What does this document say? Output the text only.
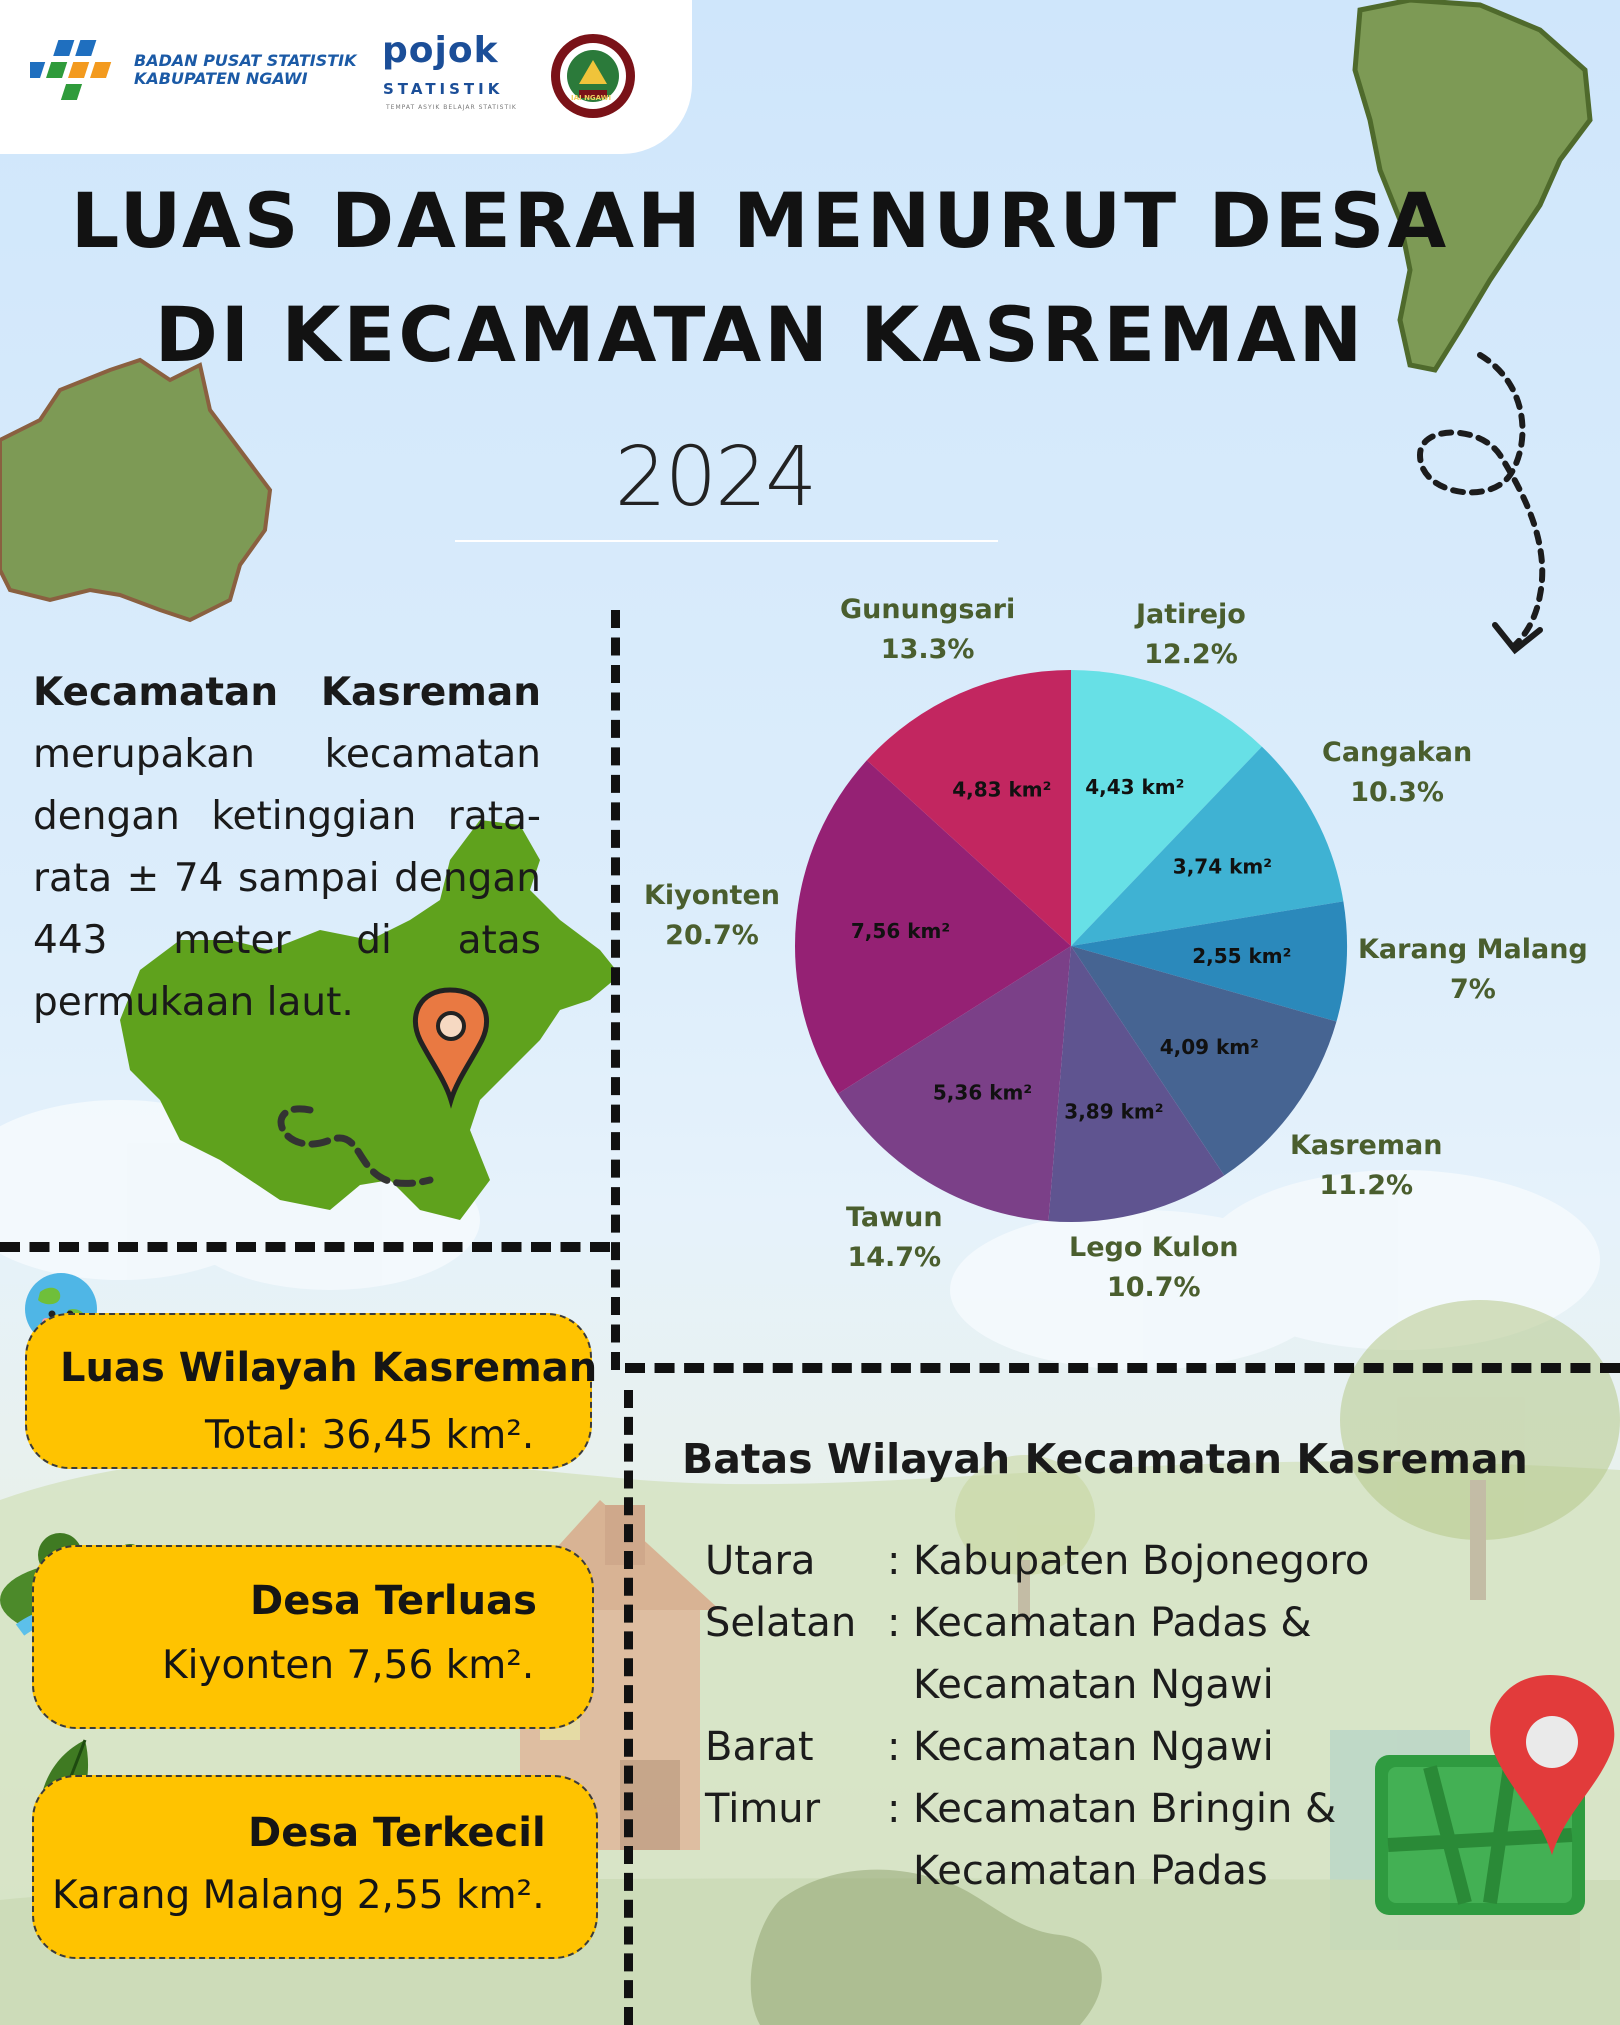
BADAN PUSAT STATISTIK
KABUPATEN NGAWI
pojok
STATISTIK
TEMPAT ASYIK BELAJAR STATISTIK
IAI NGAWI
LUAS DAERAH MENURUT DESA
DI KECAMATAN KASREMAN
2024
Kecamatan Kasreman merupakan kecamatan dengan ketinggian rata-rata ± 74 sampai dengan 443 meter di atas
permukaan laut.
4,43 km²
3,74 km²
2,55 km²
4,09 km²
3,89 km²
5,36 km²
7,56 km²
4,83 km²
Gunungsari
13.3%
Jatirejo
12.2%
Cangakan
10.3%
Karang Malang
7%
Kasreman
11.2%
Lego Kulon
10.7%
Tawun
14.7%
Kiyonten
20.7%
Luas Wilayah Kasreman
Total: 36,45 km².
Desa Terluas
Kiyonten 7,56 km².
Desa Terkecil
Karang Malang 2,55 km².
Batas Wilayah Kecamatan Kasreman
Utara : Kabupaten Bojonegoro
Selatan : Kecamatan Padas &
Kecamatan Ngawi
Barat : Kecamatan Ngawi
Timur : Kecamatan Bringin &
Kecamatan Padas
